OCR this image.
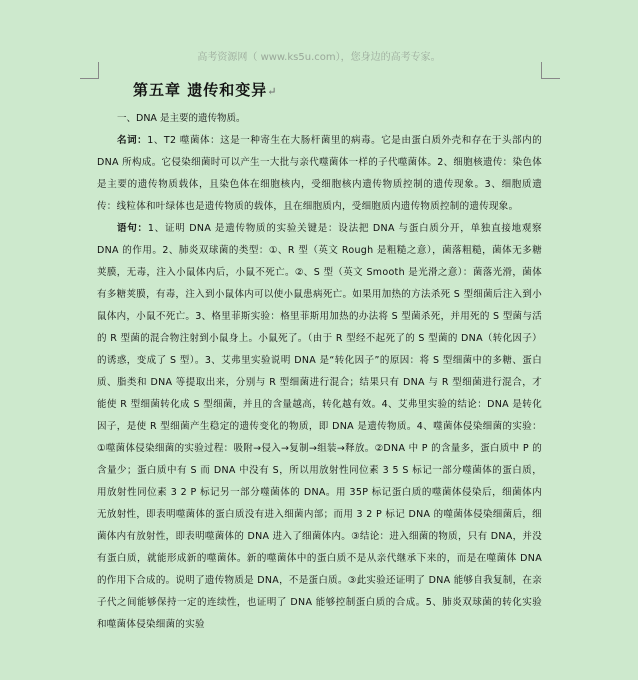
高考资源网（ www.ks5u.com），您身边的高考专家。
第五章 遗传和变异↵
一、DNA 是主要的遗传物质。

名词：1、T2 噬菌体：这是一种寄生在大肠杆菌里的病毒。它是由蛋白质外壳和存在于头部内的 DNA 所构成。它侵染细菌时可以产生一大批与亲代噬菌体一样的子代噬菌体。2、细胞核遗传：染色体是主要的遗传物质载体，且染色体在细胞核内，受细胞核内遗传物质控制的遗传现象。3、细胞质遗传：线粒体和叶绿体也是遗传物质的载体，且在细胞质内，受细胞质内遗传物质控制的遗传现象。

语句：1、证明 DNA 是遗传物质的实验关键是：设法把 DNA 与蛋白质分开，单独直接地观察 DNA 的作用。2、肺炎双球菌的类型：①、R 型（英文 Rough 是粗糙之意），菌落粗糙，菌体无多糖荚膜，无毒，注入小鼠体内后，小鼠不死亡。②、S 型（英文 Smooth 是光滑之意）：菌落光滑，菌体有多糖荚膜，有毒，注入到小鼠体内可以使小鼠患病死亡。如果用加热的方法杀死 S 型细菌后注入到小鼠体内，小鼠不死亡。3、格里菲斯实验：格里菲斯用加热的办法将 S 型菌杀死，并用死的 S 型菌与活的 R 型菌的混合物注射到小鼠身上。小鼠死了。（由于 R 型经不起死了的 S 型菌的 DNA（转化因子）的诱惑，变成了 S 型）。3、艾弗里实验说明 DNA 是“转化因子”的原因：将 S 型细菌中的多糖、蛋白质、脂类和 DNA 等提取出来，分别与 R 型细菌进行混合；结果只有 DNA 与 R 型细菌进行混合，才能使 R 型细菌转化成 S 型细菌，并且的含量越高，转化越有效。4、艾弗里实验的结论：DNA 是转化因子，是使 R 型细菌产生稳定的遗传变化的物质，即 DNA 是遗传物质。4、噬菌体侵染细菌的实验：①噬菌体侵染细菌的实验过程：吸附→侵入→复制→组装→释放。②DNA 中 P 的含量多，蛋白质中 P 的含量少；蛋白质中有 S 而 DNA 中没有 S，所以用放射性同位素 3 5 S 标记一部分噬菌体的蛋白质，用放射性同位素 3 2 P 标记另一部分噬菌体的 DNA。用 35P 标记蛋白质的噬菌体侵染后，细菌体内无放射性，即表明噬菌体的蛋白质没有进入细菌内部；而用 3 2 P 标记 DNA 的噬菌体侵染细菌后，细菌体内有放射性，即表明噬菌体的 DNA 进入了细菌体内。③结论：进入细菌的物质，只有 DNA，并没有蛋白质，就能形成新的噬菌体。新的噬菌体中的蛋白质不是从亲代继承下来的，而是在噬菌体 DNA 的作用下合成的。说明了遗传物质是 DNA，不是蛋白质。③此实验还证明了 DNA 能够自我复制，在亲子代之间能够保持一定的连续性，也证明了 DNA 能够控制蛋白质的合成。5、肺炎双球菌的转化实验和噬菌体侵染细菌的实验
